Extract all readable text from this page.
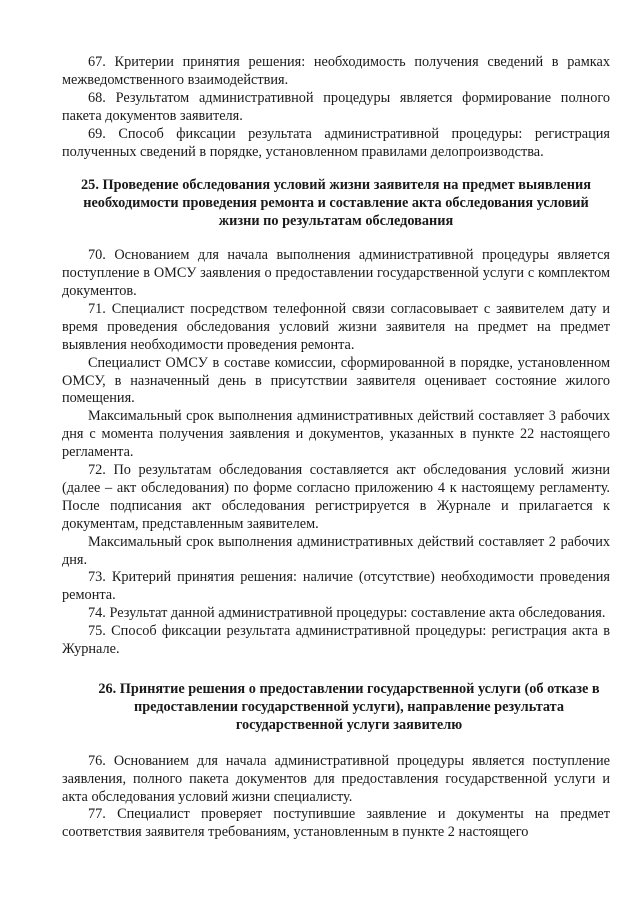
67. Критерии принятия решения: необходимость получения сведений в рамках межведомственного взаимодействия.

68. Результатом административной процедуры является формирование полного пакета документов заявителя.

69. Способ фиксации результата административной процедуры: регистрация полученных сведений в порядке, установленном правилами делопроизводства.

25. Проведение обследования условий жизни заявителя на предмет выявления необходимости проведения ремонта и составление акта обследования условий жизни по результатам обследования

70. Основанием для начала выполнения административной процедуры является поступление в ОМСУ заявления о предоставлении государственной услуги с комплектом документов.

71. Специалист посредством телефонной связи согласовывает с заявителем дату и время проведения обследования условий жизни заявителя на предмет на предмет выявления необходимости проведения ремонта.

Специалист ОМСУ в составе комиссии, сформированной в порядке, установленном ОМСУ, в назначенный день в присутствии заявителя оценивает состояние жилого помещения.

Максимальный срок выполнения административных действий составляет 3 рабочих дня с момента получения заявления и документов, указанных в пункте 22 настоящего регламента.

72. По результатам обследования составляется акт обследования условий жизни (далее – акт обследования) по форме согласно приложению 4 к настоящему регламенту. После подписания акт обследования регистрируется в Журнале и прилагается к документам, представленным заявителем.

Максимальный срок выполнения административных действий составляет 2 рабочих дня.

73. Критерий принятия решения: наличие (отсутствие) необходимости проведения ремонта.

74. Результат данной административной процедуры: составление акта обследования.

75. Способ фиксации результата административной процедуры: регистрация акта в Журнале.

26. Принятие решения о предоставлении государственной услуги (об отказе в предоставлении государственной услуги), направление результата государственной услуги заявителю

76. Основанием для начала административной процедуры является поступление заявления, полного пакета документов для предоставления государственной услуги и акта обследования условий жизни специалисту.

77. Специалист проверяет поступившие заявление и документы на предмет соответствия заявителя требованиям, установленным в пункте 2 настоящего
